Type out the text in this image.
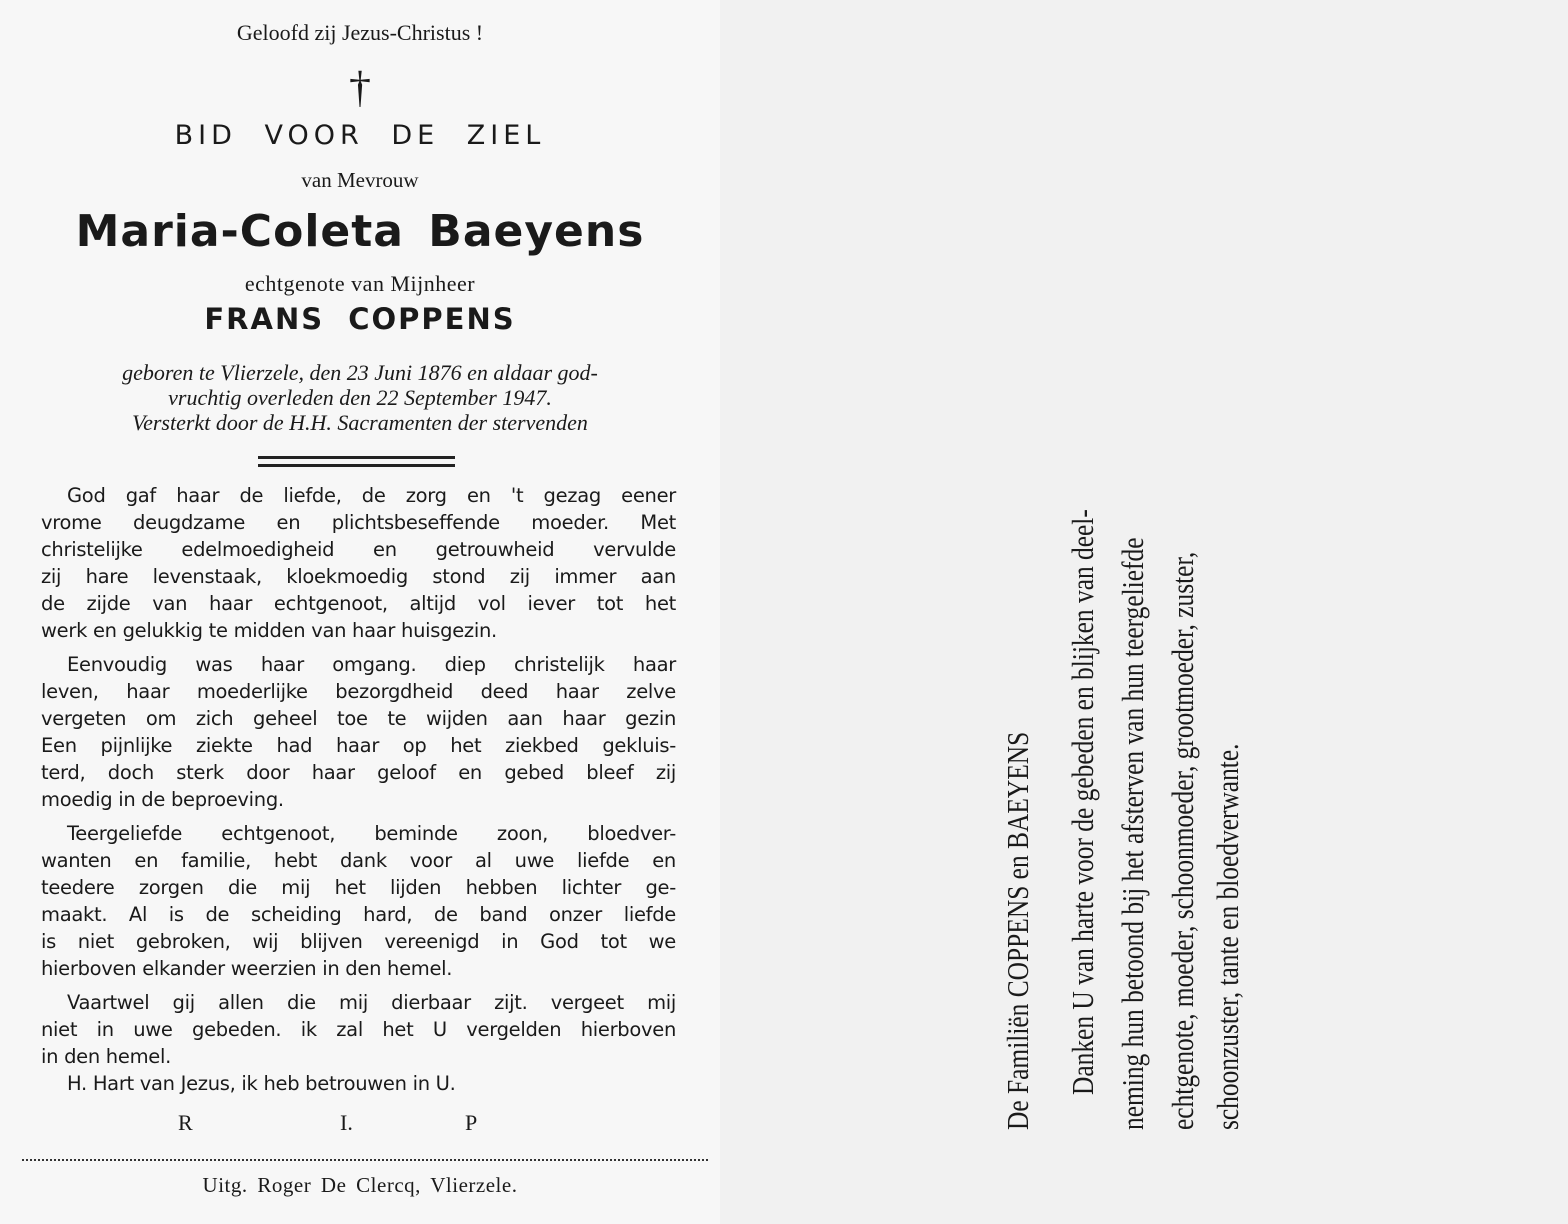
Geloofd zij Jezus-Christus !
†
BID VOOR DE ZIEL
van Mevrouw
Maria-Coleta Baeyens
echtgenote van Mijnheer
FRANS COPPENS
geboren te Vlierzele, den 23 Juni 1876 en aldaar god-
vruchtig overleden den 22 September 1947.
Versterkt door de H.H. Sacramenten der stervenden
God gaf haar de liefde, de zorg en 't gezag eener
vrome deugdzame en plichtsbeseffende moeder. Met
christelijke edelmoedigheid en getrouwheid vervulde
zij hare levenstaak, kloekmoedig stond zij immer aan
de zijde van haar echtgenoot, altijd vol iever tot het
werk en gelukkig te midden van haar huisgezin.
Eenvoudig was haar omgang. diep christelijk haar
leven, haar moederlijke bezorgdheid deed haar zelve
vergeten om zich geheel toe te wijden aan haar gezin
Een pijnlijke ziekte had haar op het ziekbed gekluis-
terd, doch sterk door haar geloof en gebed bleef zij
moedig in de beproeving.
Teergeliefde echtgenoot, beminde zoon, bloedver-
wanten en familie, hebt dank voor al uwe liefde en
teedere zorgen die mij het lijden hebben lichter ge-
maakt. Al is de scheiding hard, de band onzer liefde
is niet gebroken, wij blijven vereenigd in God tot we
hierboven elkander weerzien in den hemel.
Vaartwel gij allen die mij dierbaar zijt. vergeet mij
niet in uwe gebeden. ik zal het U vergelden hierboven
in den hemel.
H. Hart van Jezus, ik heb betrouwen in U.
R	I.	P
Uitg. Roger De Clercq, Vlierzele.
De Familiën COPPENS en BAEYENS Danken U van harte voor de gebeden en blijken van deel- neming hun betoond bij het afsterven van hun teergeliefde echtgenote, moeder, schoonmoeder, grootmoeder, zuster, schoonzuster, tante en bloedverwante.
